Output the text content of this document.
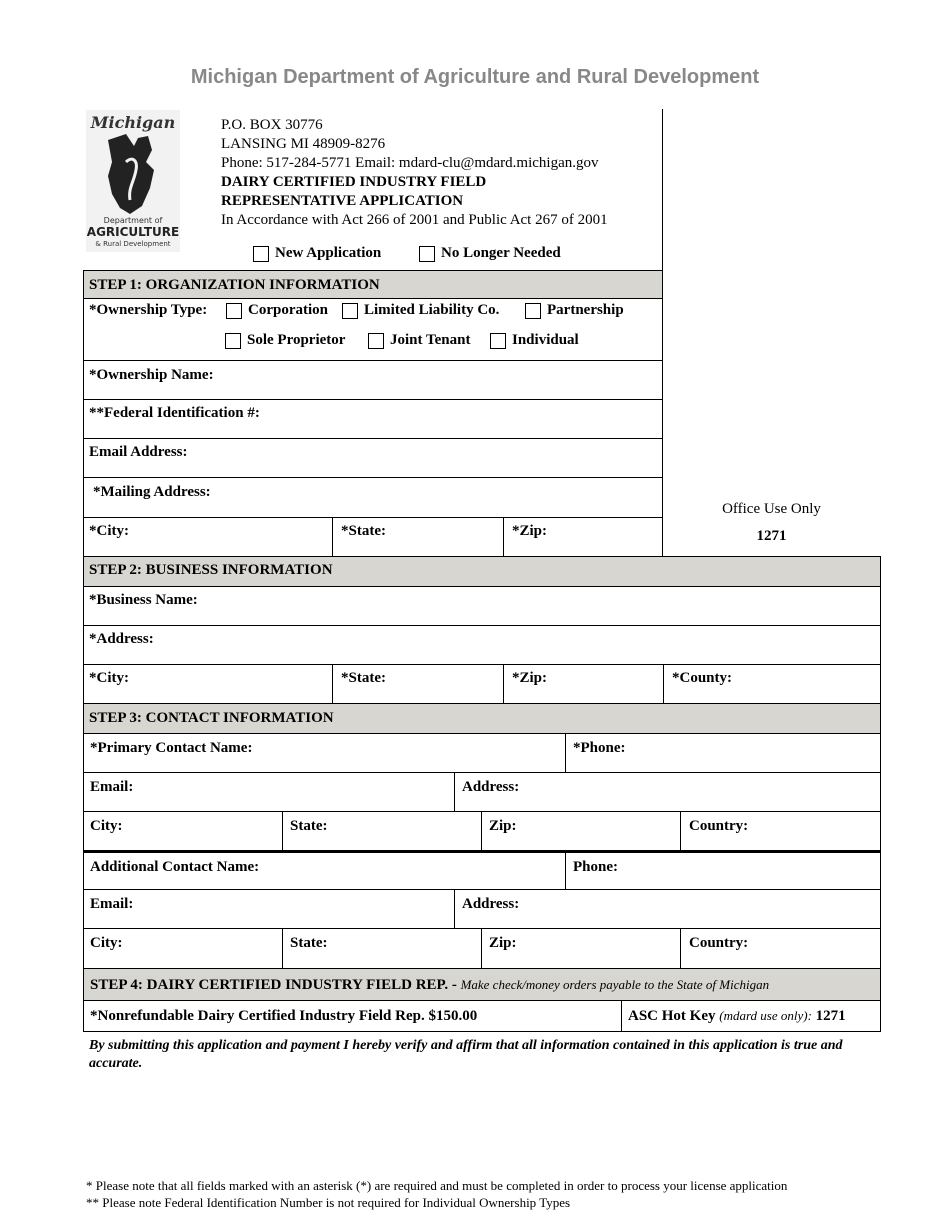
Michigan Department of Agriculture and Rural Development
Michigan
Department of
AGRICULTURE
& Rural Development
P.O. BOX 30776
LANSING MI 48909-8276
Phone: 517-284-5771 Email: mdard-clu@mdard.michigan.gov
DAIRY CERTIFIED INDUSTRY FIELD
REPRESENTATIVE APPLICATION
In Accordance with Act 266 of 2001 and Public Act 267 of 2001
New Application	No Longer Needed
Office Use Only
1271
STEP 1: ORGANIZATION INFORMATION
*Ownership Type:	Corporation Limited Liability Co.	Partnership
Sole Proprietor	Joint Tenant	Individual
*Ownership Name:
**Federal Identification #:
Email Address:
*Mailing Address:
*City:	*State:	*Zip:
STEP 2: BUSINESS INFORMATION
*Business Name:
*Address:
*City:	*State:	*Zip:	*County:
STEP 3: CONTACT INFORMATION
*Primary Contact Name:	*Phone:
Email:	Address:
City:	State:	Zip:	Country:
Additional Contact Name:	Phone:
Email:	Address:
City:	State:	Zip:	Country:
STEP 4: DAIRY CERTIFIED INDUSTRY FIELD REP. - Make check/money orders payable to the State of Michigan
*Nonrefundable Dairy Certified Industry Field Rep. $150.00	ASC Hot Key (mdard use only): 1271
By submitting this application and payment I hereby verify and affirm that all information contained in this application is true and accurate.
* Please note that all fields marked with an asterisk (*) are required and must be completed in order to process your license application
** Please note Federal Identification Number is not required for Individual Ownership Types
